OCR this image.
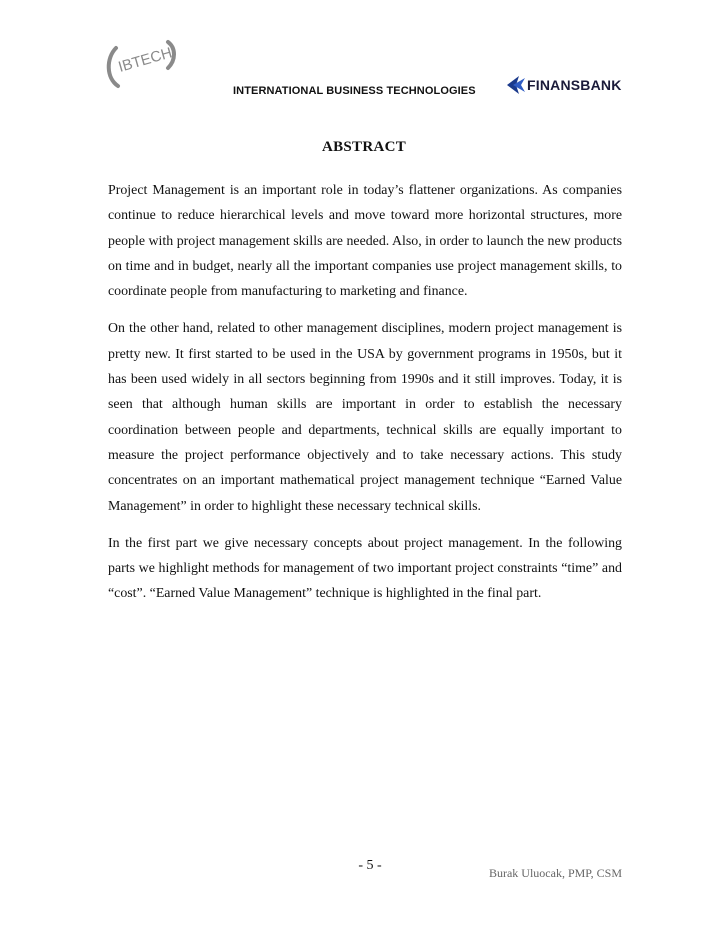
IBTECH
INTERNATIONAL BUSINESS TECHNOLOGIES	FINANSBANK
ABSTRACT

Project Management is an important role in today’s flattener organizations. As companies continue to reduce hierarchical levels and move toward more horizontal structures, more people with project management skills are needed. Also, in order to launch the new products on time and in budget, nearly all the important companies use project management skills, to coordinate people from manufacturing to marketing and finance.

On the other hand, related to other management disciplines, modern project management is pretty new. It first started to be used in the USA by government programs in 1950s, but it has been used widely in all sectors beginning from 1990s and it still improves. Today, it is seen that although human skills are important in order to establish the necessary coordination between people and departments, technical skills are equally important to measure the project performance objectively and to take necessary actions. This study concentrates on an important mathematical project management technique “Earned Value Management” in order to highlight these necessary technical skills.

In the first part we give necessary concepts about project management. In the following parts we highlight methods for management of two important project constraints “time” and “cost”. “Earned Value Management” technique is highlighted in the final part.

- 5 -	Burak Uluocak, PMP, CSM
